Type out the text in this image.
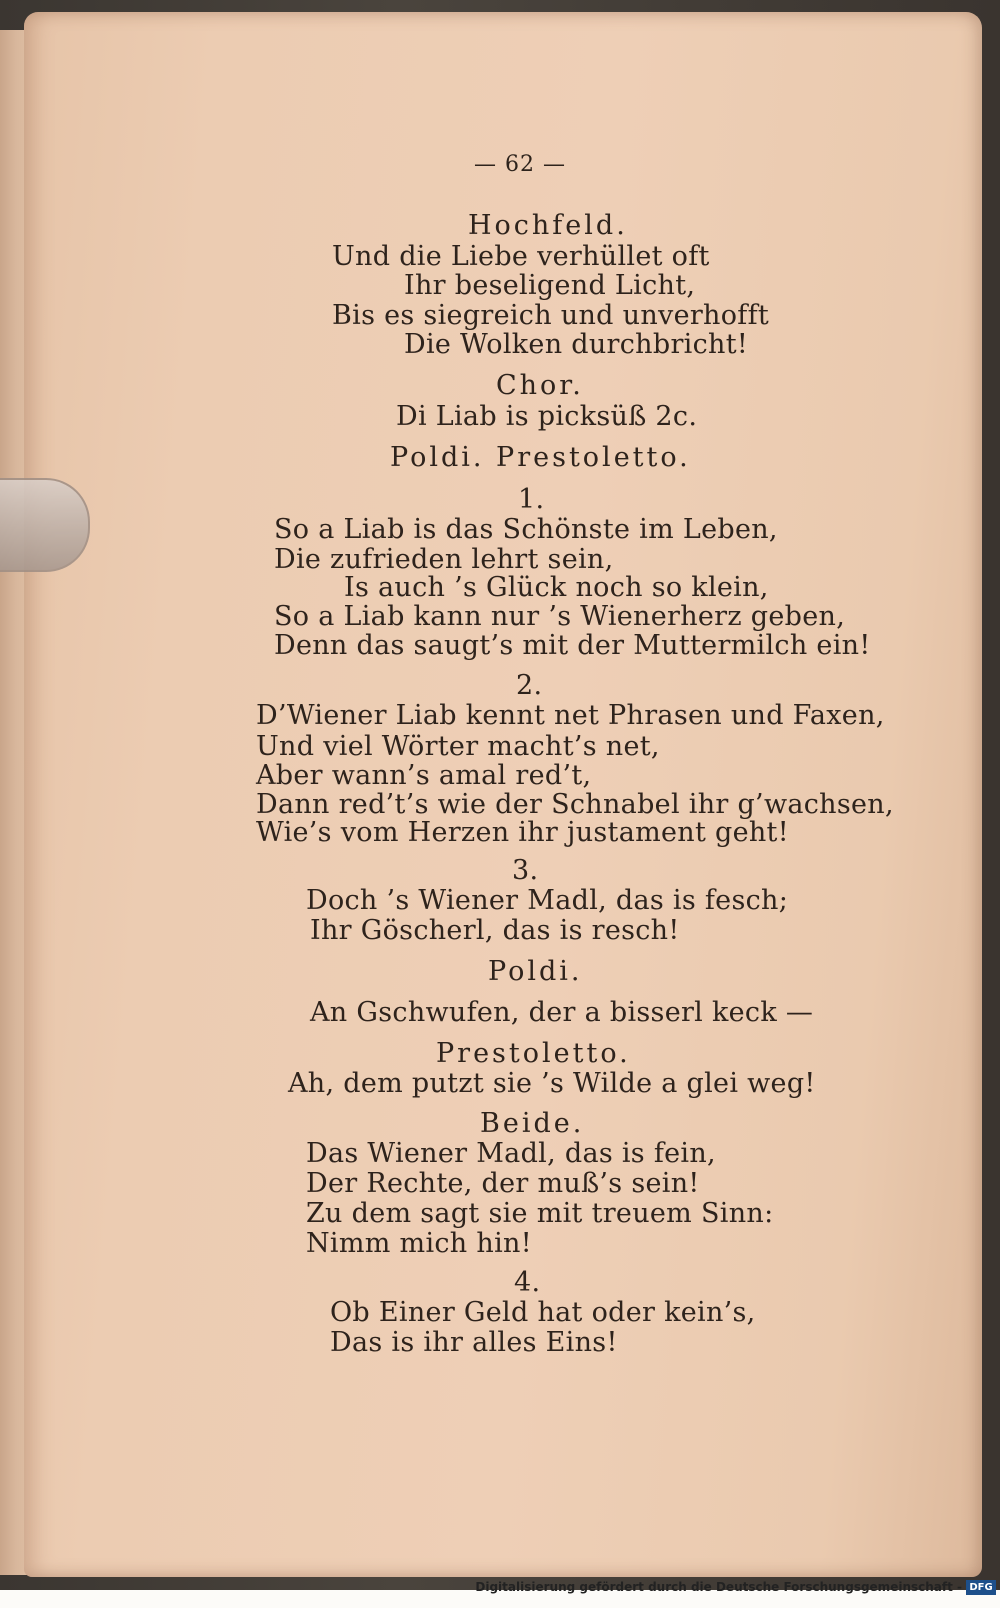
— 62 —
Hochfeld.
Und die Liebe verhüllet oft
Ihr beseligend Licht,
Bis es siegreich und unverhofft
Die Wolken durchbricht!
Chor.
Di Liab is picksüß 2c.
Poldi. Prestoletto.
1.
So a Liab is das Schönste im Leben,
Die zufrieden lehrt sein,
Is auch ’s Glück noch so klein,
So a Liab kann nur ’s Wienerherz geben,
Denn das saugt’s mit der Muttermilch ein!
2.
D’Wiener Liab kennt net Phrasen und Faxen,
Und viel Wörter macht’s net,
Aber wann’s amal red’t,
Dann red’t’s wie der Schnabel ihr g’wachsen,
Wie’s vom Herzen ihr justament geht!
3.
Doch ’s Wiener Madl, das is fesch;
Ihr Göscherl, das is resch!
Poldi.
An Gschwufen, der a bisserl keck —
Prestoletto.
Ah, dem putzt sie ’s Wilde a glei weg!
Beide.
Das Wiener Madl, das is fein,
Der Rechte, der muß’s sein!
Zu dem sagt sie mit treuem Sinn:
Nimm mich hin!
4.
Ob Einer Geld hat oder kein’s,
Das is ihr alles Eins!
Digitalisierung gefördert durch die Deutsche Forschungsgemeinschaft - DFG
